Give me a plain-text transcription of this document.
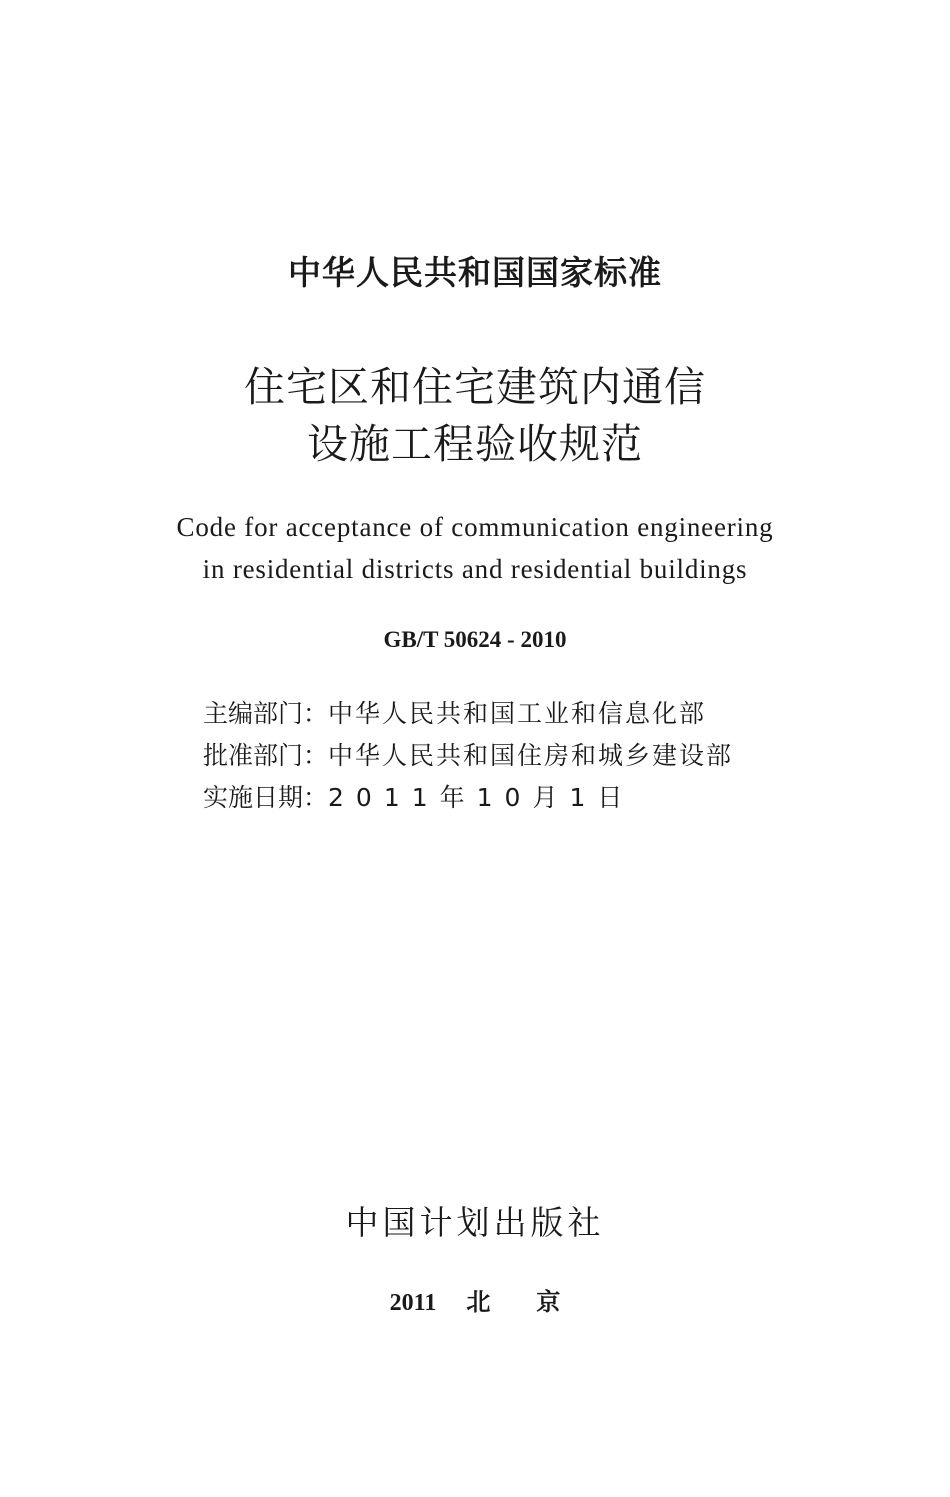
中华人民共和国国家标准
住宅区和住宅建筑内通信
设施工程验收规范
Code for acceptance of communication engineering
in residential districts and residential buildings
GB/T 50624 - 2010
主编部门：中华人民共和国工业和信息化部
批准部门：中华人民共和国住房和城乡建设部
实施日期：2011年10月1日
中国计划出版社
2011 北 京
